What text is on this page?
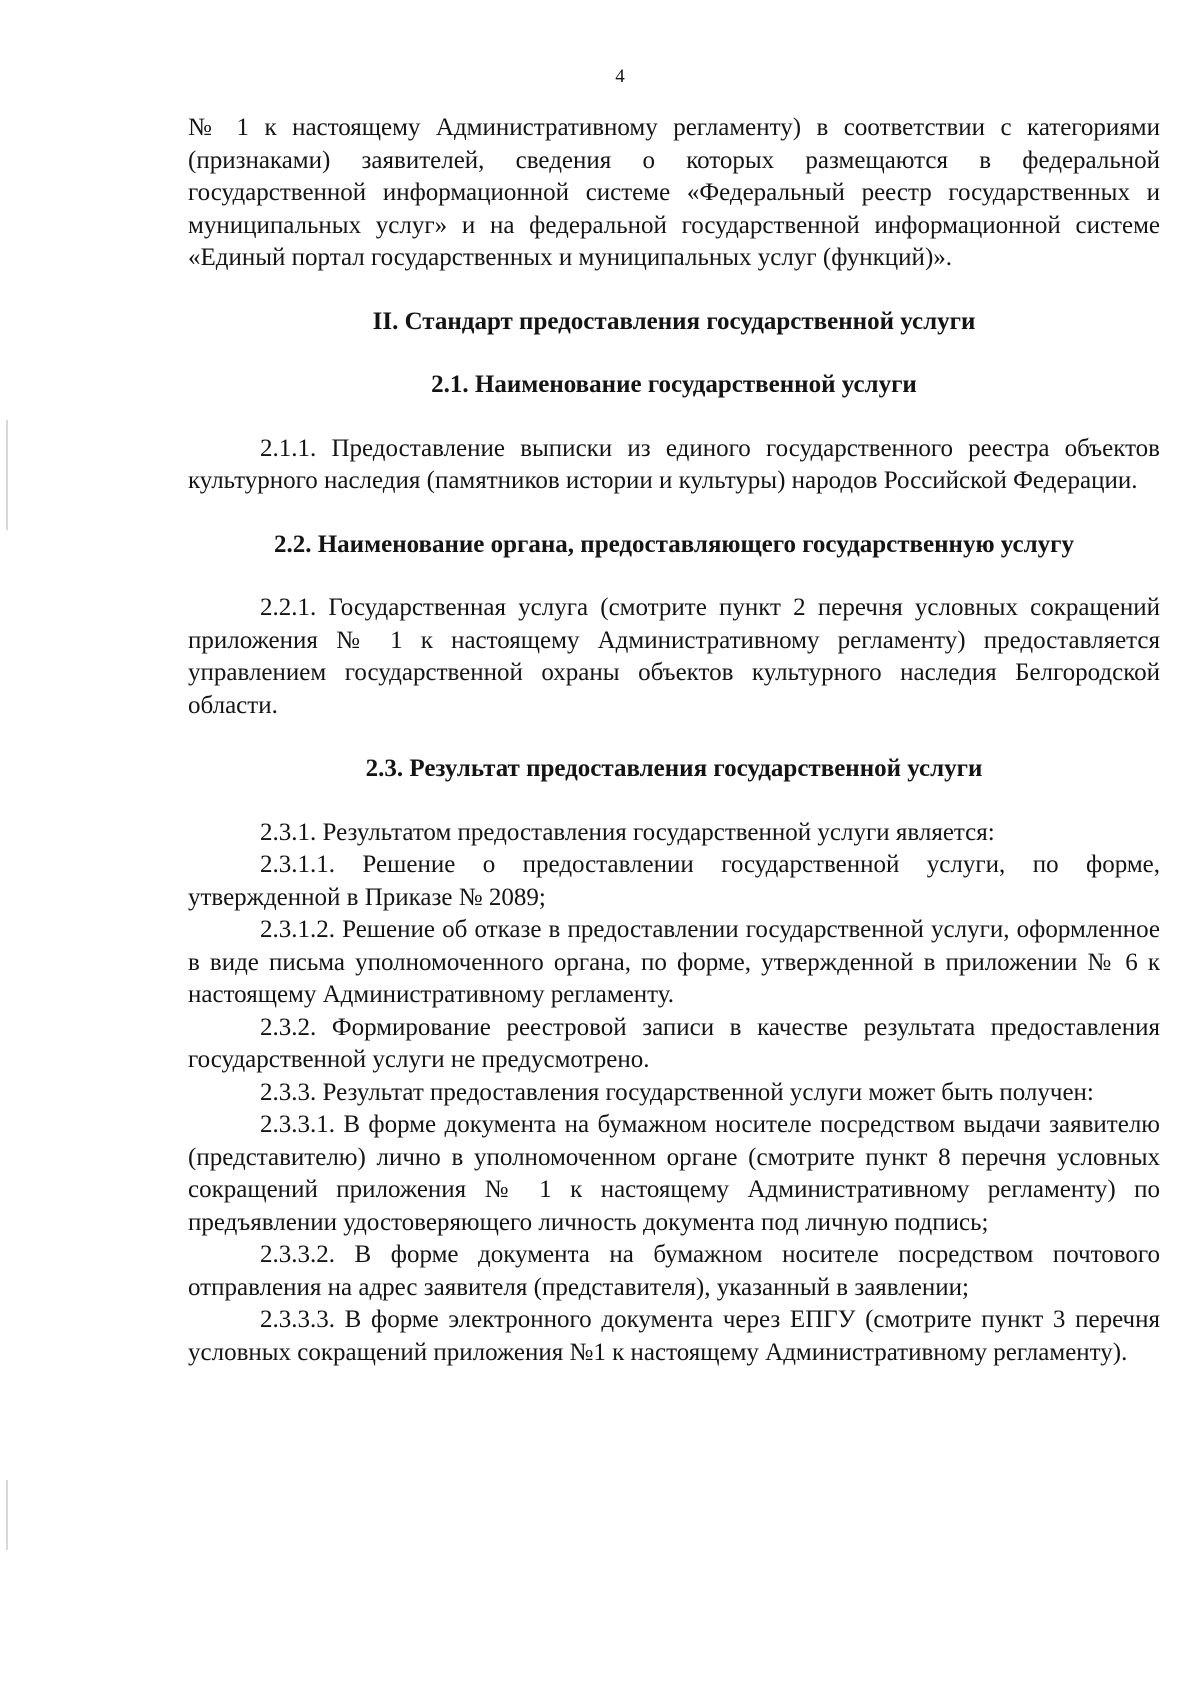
4

№ 1 к настоящему Административному регламенту) в соответствии с категориями (признаками) заявителей, сведения о которых размещаются в федеральной государственной информационной системе «Федеральный реестр государственных и муниципальных услуг» и на федеральной государственной информационной системе «Единый портал государственных и муниципальных услуг (функций)».

II. Стандарт предоставления государственной услуги

2.1. Наименование государственной услуги

2.1.1. Предоставление выписки из единого государственного реестра объектов культурного наследия (памятников истории и культуры) народов Российской Федерации.

2.2. Наименование органа, предоставляющего государственную услугу

2.2.1. Государственная услуга (смотрите пункт 2 перечня условных сокращений приложения № 1 к настоящему Административному регламенту) предоставляется управлением государственной охраны объектов культурного наследия Белгородской области.

2.3. Результат предоставления государственной услуги

2.3.1. Результатом предоставления государственной услуги является:

2.3.1.1. Решение о предоставлении государственной услуги, по форме, утвержденной в Приказе № 2089;

2.3.1.2. Решение об отказе в предоставлении государственной услуги, оформленное в виде письма уполномоченного органа, по форме, утвержденной в приложении № 6 к настоящему Административному регламенту.

2.3.2. Формирование реестровой записи в качестве результата предоставления государственной услуги не предусмотрено.

2.3.3. Результат предоставления государственной услуги может быть получен:

2.3.3.1. В форме документа на бумажном носителе посредством выдачи заявителю (представителю) лично в уполномоченном органе (смотрите пункт 8 перечня условных сокращений приложения № 1 к настоящему Административному регламенту) по предъявлении удостоверяющего личность документа под личную подпись;

2.3.3.2. В форме документа на бумажном носителе посредством почтового отправления на адрес заявителя (представителя), указанный в заявлении;

2.3.3.3. В форме электронного документа через ЕПГУ (смотрите пункт 3 перечня условных сокращений приложения №1 к настоящему Административному регламенту).
